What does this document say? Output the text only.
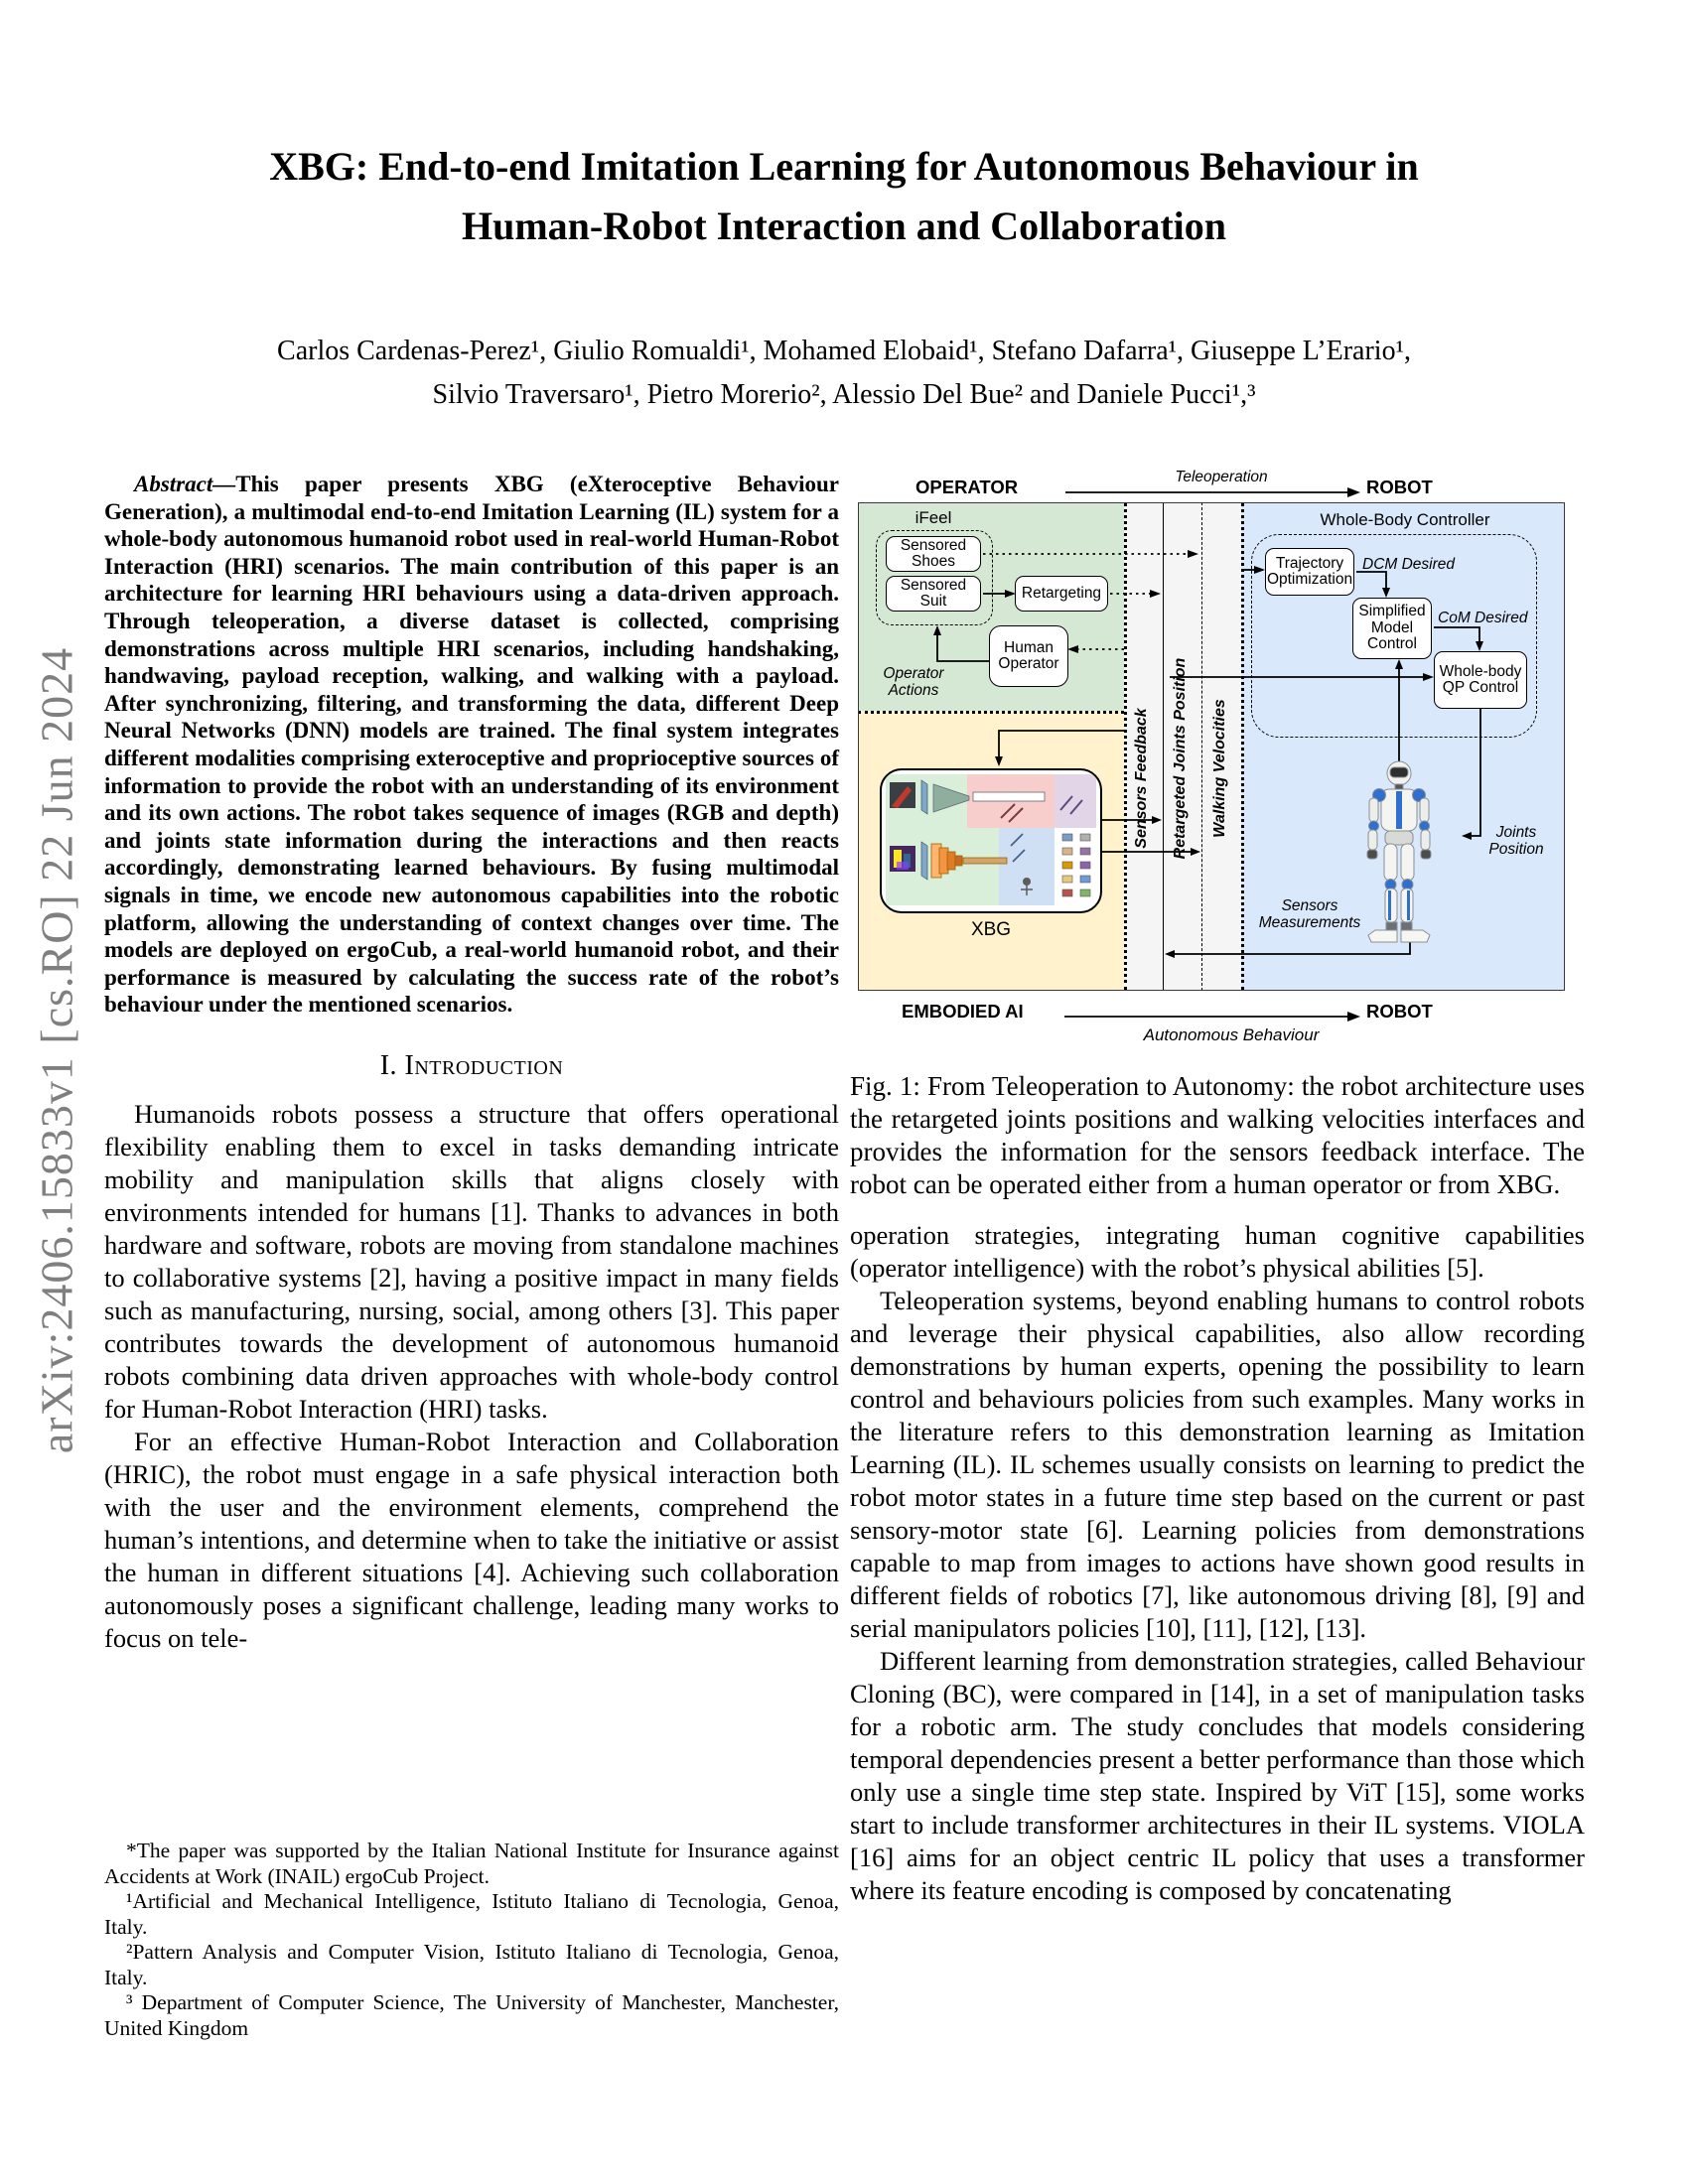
arXiv:2406.15833v1 [cs.RO] 22 Jun 2024
XBG: End-to-end Imitation Learning for Autonomous Behaviour in
Human-Robot Interaction and Collaboration
Carlos Cardenas-Perez¹, Giulio Romualdi¹, Mohamed Elobaid¹, Stefano Dafarra¹, Giuseppe L’Erario¹,
Silvio Traversaro¹, Pietro Morerio², Alessio Del Bue² and Daniele Pucci¹,³
Abstract—This paper presents XBG (eXteroceptive Behaviour Generation), a multimodal end-to-end Imitation Learning (IL) system for a whole-body autonomous humanoid robot used in real-world Human-Robot Interaction (HRI) scenarios. The main contribution of this paper is an architecture for learning HRI behaviours using a data-driven approach. Through teleoperation, a diverse dataset is collected, comprising demonstrations across multiple HRI scenarios, including handshaking, handwaving, payload reception, walking, and walking with a payload. After synchronizing, filtering, and transforming the data, different Deep Neural Networks (DNN) models are trained. The final system integrates different modalities comprising exteroceptive and proprioceptive sources of information to provide the robot with an understanding of its environment and its own actions. The robot takes sequence of images (RGB and depth) and joints state information during the interactions and then reacts accordingly, demonstrating learned behaviours. By fusing multimodal signals in time, we encode new autonomous capabilities into the robotic platform, allowing the understanding of context changes over time. The models are deployed on ergoCub, a real-world humanoid robot, and their performance is measured by calculating the success rate of the robot’s behaviour under the mentioned scenarios.
I. Introduction

Humanoids robots possess a structure that offers operational flexibility enabling them to excel in tasks demanding intricate mobility and manipulation skills that aligns closely with environments intended for humans [1]. Thanks to advances in both hardware and software, robots are moving from standalone machines to collaborative systems [2], having a positive impact in many fields such as manufacturing, nursing, social, among others [3]. This paper contributes towards the development of autonomous humanoid robots combining data driven approaches with whole-body control for Human-Robot Interaction (HRI) tasks.

For an effective Human-Robot Interaction and Collaboration (HRIC), the robot must engage in a safe physical interaction both with the user and the environment elements, comprehend the human’s intentions, and determine when to take the initiative or assist the human in different situations [4]. Achieving such collaboration autonomously poses a significant challenge, leading many works to focus on tele-

*The paper was supported by the Italian National Institute for Insurance against Accidents at Work (INAIL) ergoCub Project.

¹Artificial and Mechanical Intelligence, Istituto Italiano di Tecnologia, Genoa, Italy.

²Pattern Analysis and Computer Vision, Istituto Italiano di Tecnologia, Genoa, Italy.

³ Department of Computer Science, The University of Manchester, Manchester, United Kingdom

OPERATOR	Teleoperation	ROBOT
Sensors Feedback Retargeted Joints Position Walking Velocities
iFeel
Sensored Shoes
Sensored Suit	Retargeting
Human Operator
Operator Actions
Whole-Body Controller
Trajectory Optimization
DCM Desired
Simplified Model Control
CoM Desired
Whole-body QP Control
Joints Position
Sensors Measurements
XBG
EMBODIED AI	ROBOT
Autonomous Behaviour
Fig. 1: From Teleoperation to Autonomy: the robot architecture uses the retargeted joints positions and walking velocities interfaces and provides the information for the sensors feedback interface. The robot can be operated either from a human operator or from XBG.

operation strategies, integrating human cognitive capabilities (operator intelligence) with the robot’s physical abilities [5].

Teleoperation systems, beyond enabling humans to control robots and leverage their physical capabilities, also allow recording demonstrations by human experts, opening the possibility to learn control and behaviours policies from such examples. Many works in the literature refers to this demonstration learning as Imitation Learning (IL). IL schemes usually consists on learning to predict the robot motor states in a future time step based on the current or past sensory-motor state [6]. Learning policies from demonstrations capable to map from images to actions have shown good results in different fields of robotics [7], like autonomous driving [8], [9] and serial manipulators policies [10], [11], [12], [13].

Different learning from demonstration strategies, called Behaviour Cloning (BC), were compared in [14], in a set of manipulation tasks for a robotic arm. The study concludes that models considering temporal dependencies present a better performance than those which only use a single time step state. Inspired by ViT [15], some works start to include transformer architectures in their IL systems. VIOLA [16] aims for an object centric IL policy that uses a transformer where its feature encoding is composed by concatenating
